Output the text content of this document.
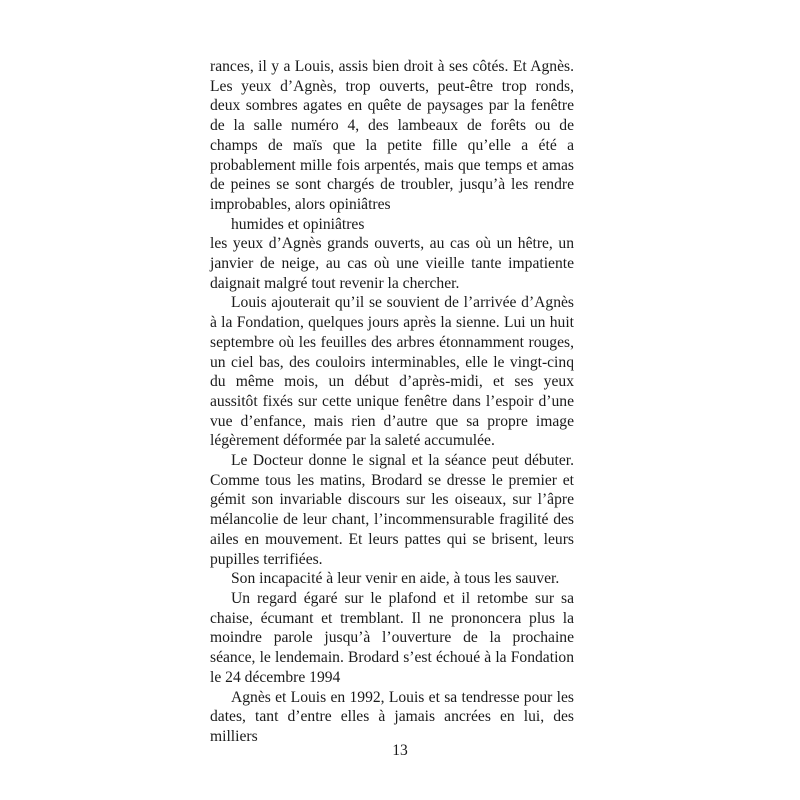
rances, il y a Louis, assis bien droit à ses côtés. Et Agnès. Les yeux d’Agnès, trop ouverts, peut-être trop ronds, deux sombres agates en quête de paysages par la fenêtre de la salle numéro 4, des lambeaux de forêts ou de champs de maïs que la petite fille qu’elle a été a probablement mille fois arpentés, mais que temps et amas de peines se sont chargés de troubler, jusqu’à les rendre improbables, alors opiniâtres

humides et opiniâtres

les yeux d’Agnès grands ouverts, au cas où un hêtre, un janvier de neige, au cas où une vieille tante impatiente daignait malgré tout revenir la chercher.

Louis ajouterait qu’il se souvient de l’arrivée d’Agnès à la Fondation, quelques jours après la sienne. Lui un huit septembre où les feuilles des arbres étonnamment rouges, un ciel bas, des couloirs interminables, elle le vingt-cinq du même mois, un début d’après-midi, et ses yeux aussitôt fixés sur cette unique fenêtre dans l’espoir d’une vue d’enfance, mais rien d’autre que sa propre image légèrement déformée par la saleté accumulée.

Le Docteur donne le signal et la séance peut débuter. Comme tous les matins, Brodard se dresse le premier et gémit son invariable discours sur les oiseaux, sur l’âpre mélancolie de leur chant, l’incommensurable fragilité des ailes en mouvement. Et leurs pattes qui se brisent, leurs pupilles terrifiées.

Son incapacité à leur venir en aide, à tous les sauver.

Un regard égaré sur le plafond et il retombe sur sa chaise, écumant et tremblant. Il ne prononcera plus la moindre parole jusqu’à l’ouverture de la prochaine séance, le lendemain. Brodard s’est échoué à la Fondation le 24 décembre 1994

Agnès et Louis en 1992, Louis et sa tendresse pour les dates, tant d’entre elles à jamais ancrées en lui, des milliers

13
